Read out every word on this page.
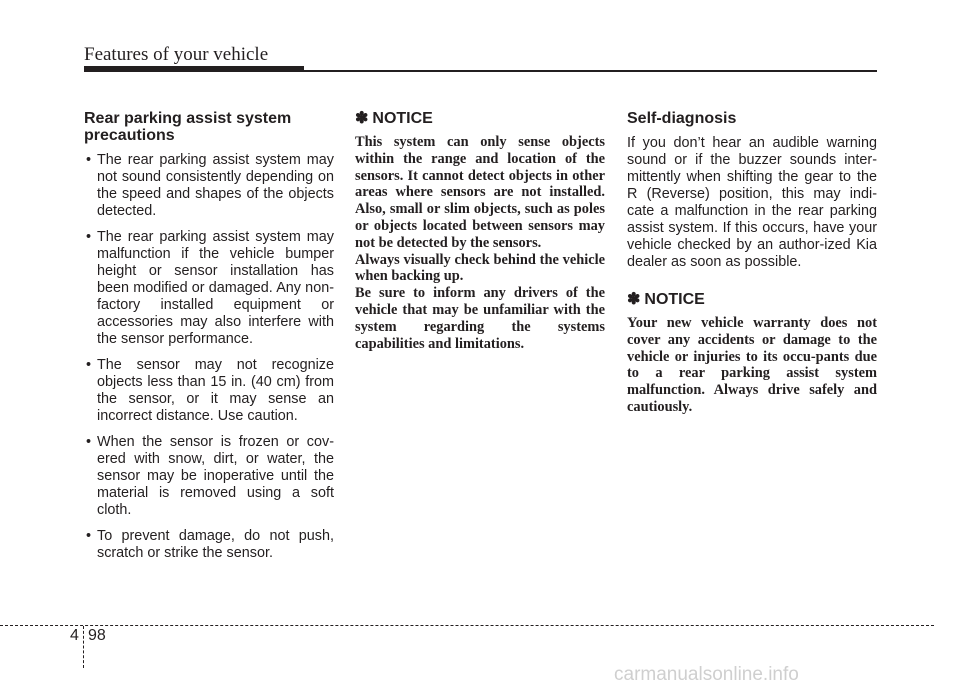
Features of your vehicle
Rear parking assist system precautions
• The rear parking assist system may not sound consistently depending on the speed and shapes of the objects detected.
• The rear parking assist system may malfunction if the vehicle bumper height or sensor installation has been modified or damaged. Any non-factory installed equipment or accessories may also interfere with the sensor performance.
• The sensor may not recognize objects less than 15 in. (40 cm) from the sensor, or it may sense an incorrect distance. Use caution.
• When the sensor is frozen or cov-ered with snow, dirt, or water, the sensor may be inoperative until the material is removed using a soft cloth.
• To prevent damage, do not push, scratch or strike the sensor.
✽ NOTICE

This system can only sense objects within the range and location of the sensors. It cannot detect objects in other areas where sensors are not installed. Also, small or slim objects, such as poles or objects located between sensors may not be detected by the sensors.

Always visually check behind the vehicle when backing up.

Be sure to inform any drivers of the vehicle that may be unfamiliar with the system regarding the systems capabilities and limitations.

Self-diagnosis

If you don’t hear an audible warning sound or if the buzzer sounds inter-mittently when shifting the gear to the R (Reverse) position, this may indi-cate a malfunction in the rear parking assist system. If this occurs, have your vehicle checked by an author-ized Kia dealer as soon as possible.

✽ NOTICE

Your new vehicle warranty does not cover any accidents or damage to the vehicle or injuries to its occu-pants due to a rear parking assist system malfunction. Always drive safely and cautiously.

4 98
carmanualsonline.info
